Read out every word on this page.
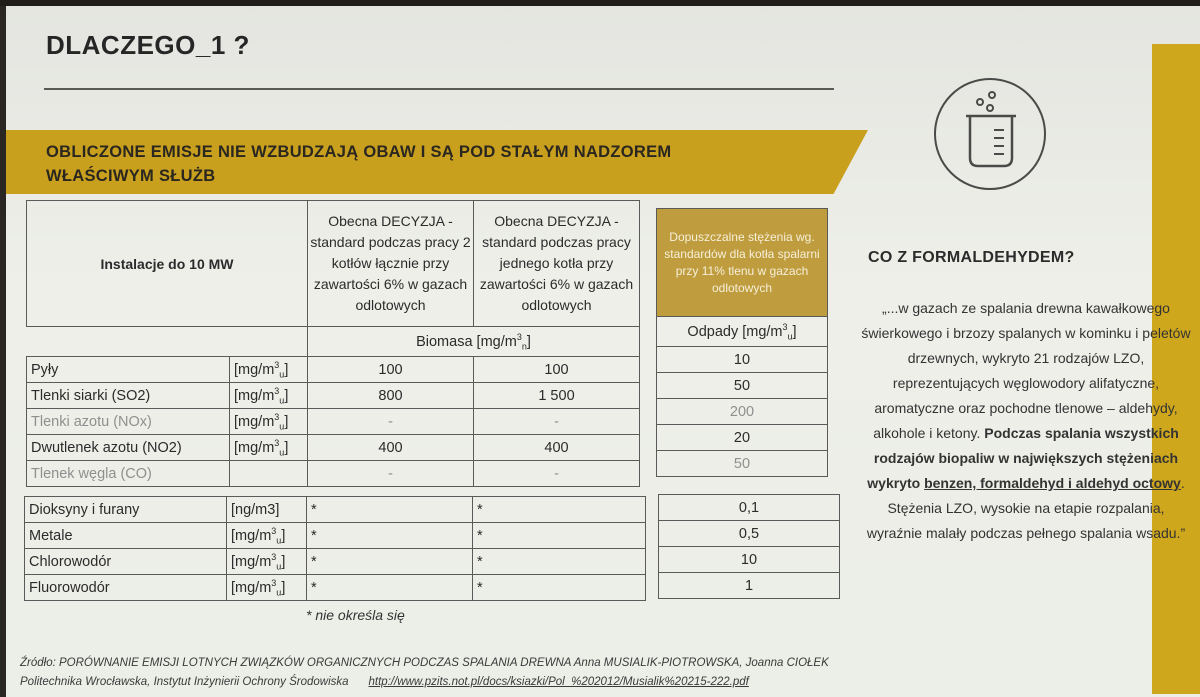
DLACZEGO_1 ?
OBLICZONE EMISJE NIE WZBUDZAJĄ OBAW I SĄ POD STAŁYM NADZOREM
WŁAŚCIWYM SŁUŻB
Instalacje do 10 MW		Obecna DECYZJA - standard podczas pracy 2 kotłów łącznie przy zawartości 6% w gazach odlotowych	Obecna DECYZJA - standard podczas pracy jednego kotła przy zawartości 6% w gazach odlotowych
		Biomasa $[mg/m^3_n]$	
Pyły	$[mg/m^3_u]$	100	100
Tlenki siarki (SO2)	$[mg/m^3_u]$	800	1 500
Tlenki azotu (NOx)	$[mg/m^3_u]$	-	-
Dwutlenek azotu (NO2)	$[mg/m^3_u]$	400	400
Tlenek węgla (CO)		-	-
Dopuszczalne stężenia wg. standardów dla kotła spalarni przy 11% tlenu w gazach odlotowych
Odpady $[mg/m^3_u]$
10
50
200
20
50
Dioksyny i furany	[ng/m3]	*	*
Metale	$[mg/m^3_u]$	*	*
Chlorowodór	$[mg/m^3_u]$	*	*
Fluorowodór	$[mg/m^3_u]$	*	*
0,1
0,5
10
1
* nie określa się
CO Z FORMALDEHYDEM?
„...w gazach ze spalania drewna kawałkowego świerkowego i brzozy spalanych w kominku i peletów drzewnych, wykryto 21 rodzajów LZO, reprezentujących węglowodory alifatyczne, aromatyczne oraz pochodne tlenowe – aldehydy, alkohole i ketony. Podczas spalania wszystkich rodzajów biopaliw w największych stężeniach wykryto benzen, formaldehyd i aldehyd octowy. Stężenia LZO, wysokie na etapie rozpalania, wyraźnie malały podczas pełnego spalania wsadu.”
Źródło: PORÓWNANIE EMISJI LOTNYCH ZWIĄZKÓW ORGANICZNYCH PODCZAS SPALANIA DREWNA Anna MUSIALIK-PIOTROWSKA, Joanna CIOŁEK
Politechnika Wrocławska, Instytut Inżynierii Ochrony Środowiska http://www.pzits.not.pl/docs/ksiazki/Pol_%202012/Musialik%20215-222.pdf
